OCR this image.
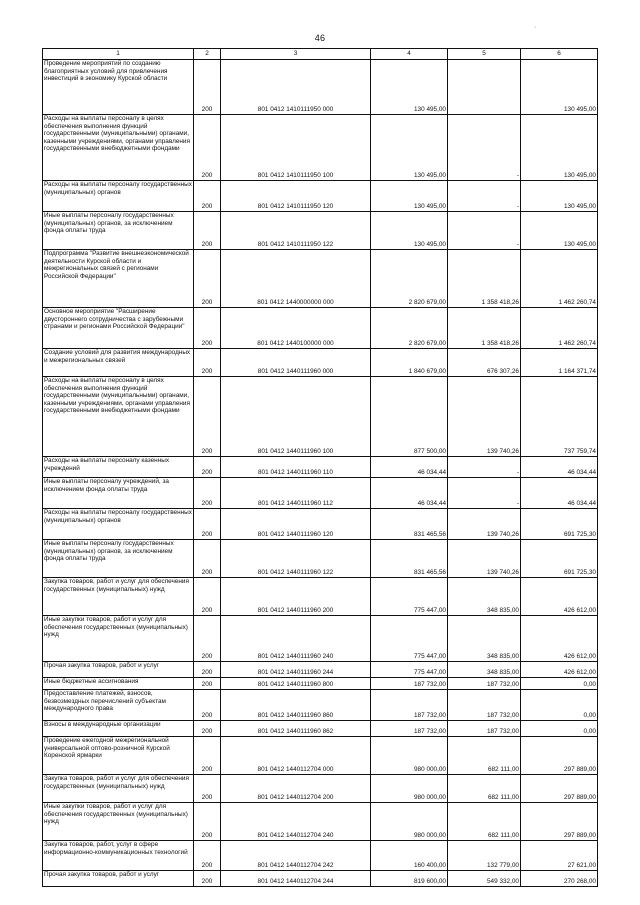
46
·
1	2	3	4	5	6
Проведение мероприятий по созданию благоприятных условий для привлечения инвестиций в экономику Курской области	200	801 0412 1410111950 000	130 495,00		130 495,00
Расходы на выплаты персоналу в целях обеспечения выполнения функций государственными (муниципальными) органами, казенными учреждениями, органами управления государственными внебюджетными фондами	200	801 0412 1410111950 100	130 495,00	-	130 495,00
Расходы на выплаты персоналу государственных (муниципальных) органов	200	801 0412 1410111950 120	130 495,00	-	130 495,00
Иные выплаты персоналу государственных (муниципальных) органов, за исключением фонда оплаты труда	200	801 0412 1410111950 122	130 495,00	-	130 495,00
Подпрограмма "Развитие внешнеэкономической деятельности Курской области и межрегиональных связей с регионами Российской Федерации"	200	801 0412 1440000000 000	2 820 679,00	1 358 418,26	1 462 260,74
Основное мероприятие "Расширение двустороннего сотрудничества с зарубежными странами и регионами Российской Федерации"	200	801 0412 1440100000 000	2 820 679,00	1 358 418,26	1 462 260,74
Создание условий для развития международных и межрегиональных связей	200	801 0412 1440111960 000	1 840 679,00	676 307,26	1 164 371,74
Расходы на выплаты персоналу в целях обеспечения выполнения функций государственными (муниципальными) органами, казенными учреждениями, органами управления государственными внебюджетными фондами	200	801 0412 1440111960 100	877 500,00	139 740,26	737 759,74
Расходы на выплаты персоналу казенных учреждений	200	801 0412 1440111960 110	46 034,44	-	46 034,44
Иные выплаты персоналу учреждений, за исключением фонда оплаты труда	200	801 0412 1440111960 112	46 034,44	-	46 034,44
Расходы на выплаты персоналу государственных (муниципальных) органов	200	801 0412 1440111960 120	831 465,56	139 740,26	691 725,30
Иные выплаты персоналу государственных (муниципальных) органов, за исключением фонда оплаты труда	200	801 0412 1440111960 122	831 465,56	139 740,26	691 725,30
Закупка товаров, работ и услуг для обеспечения государственных (муниципальных) нужд	200	801 0412 1440111960 200	775 447,00	348 835,00	426 612,00
Иные закупки товаров, работ и услуг для обеспечения государственных (муниципальных) нужд	200	801 0412 1440111960 240	775 447,00	348 835,00	426 612,00
Прочая закупка товаров, работ и услуг	200	801 0412 1440111960 244	775 447,00	348 835,00	426 612,00
Иные бюджетные ассигнования	200	801 0412 1440111960 800	187 732,00	187 732,00	0,00
Предоставление платежей, взносов, безвозмездных перечислений субъектам международного права	200	801 0412 1440111960 860	187 732,00	187 732,00	0,00
Взносы в международные организации	200	801 0412 1440111960 862	187 732,00	187 732,00	0,00
Проведение ежегодной межрегиональной универсальной оптово-розничной Курской Коренской ярмарки	200	801 0412 1440112704 000	980 000,00	682 111,00	297 889,00
Закупка товаров, работ и услуг для обеспечения государственных (муниципальных) нужд	200	801 0412 1440112704 200	980 000,00	682 111,00	297 889,00
Иные закупки товаров, работ и услуг для обеспечения государственных (муниципальных) нужд	200	801 0412 1440112704 240	980 000,00	682 111,00	297 889,00
Закупка товаров, работ, услуг в сфере информационно-коммуникационных технологий	200	801 0412 1440112704 242	160 400,00	132 779,00	27 621,00
Прочая закупка товаров, работ и услуг	200	801 0412 1440112704 244	819 600,00	549 332,00	270 268,00
